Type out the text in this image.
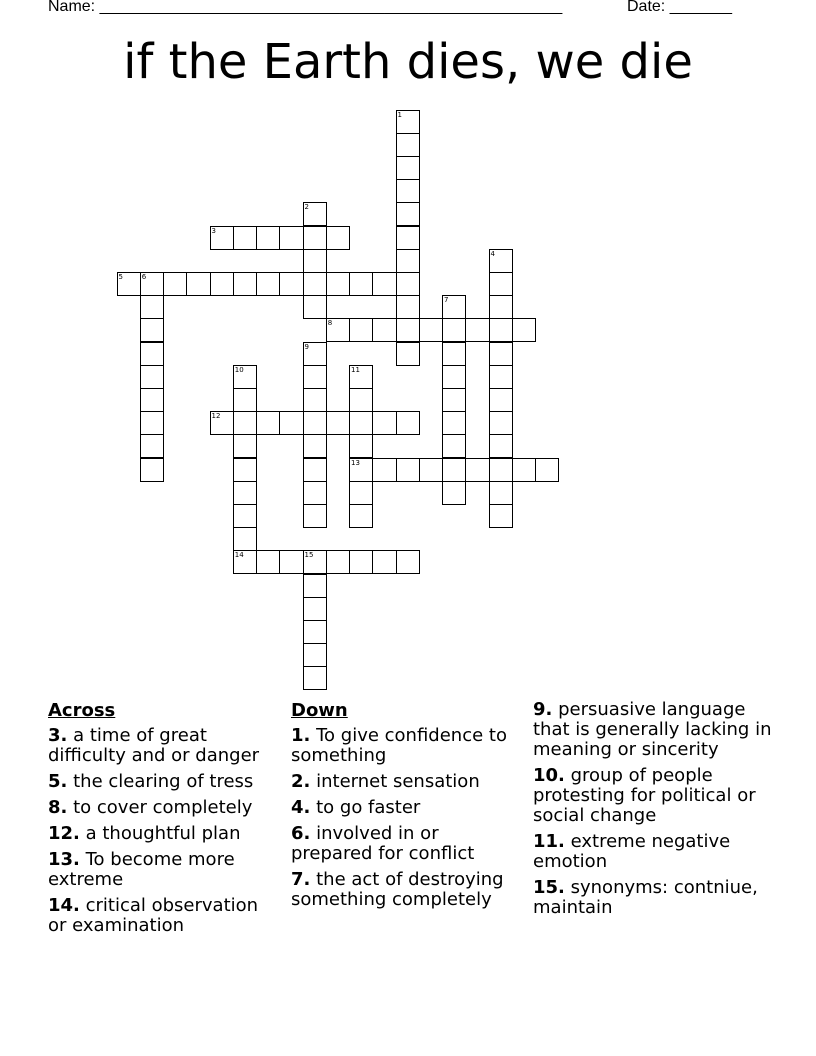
Name: ____________________________________________________	Date: _______
if the Earth dies, we die
1
2
3
4
5	6
7
8
9
10	11
12
13
14	15
Across
3. a time of great difficulty and or danger
5. the clearing of tress
8. to cover completely
12. a thoughtful plan
13. To become more extreme
14. critical observation or examination
Down
1. To give confidence to something
2. internet sensation
4. to go faster
6. involved in or prepared for conflict
7. the act of destroying something completely
9. persuasive language that is generally lacking in meaning or sincerity
10. group of people protesting for political or social change
11. extreme negative emotion
15. synonyms: contniue, maintain
